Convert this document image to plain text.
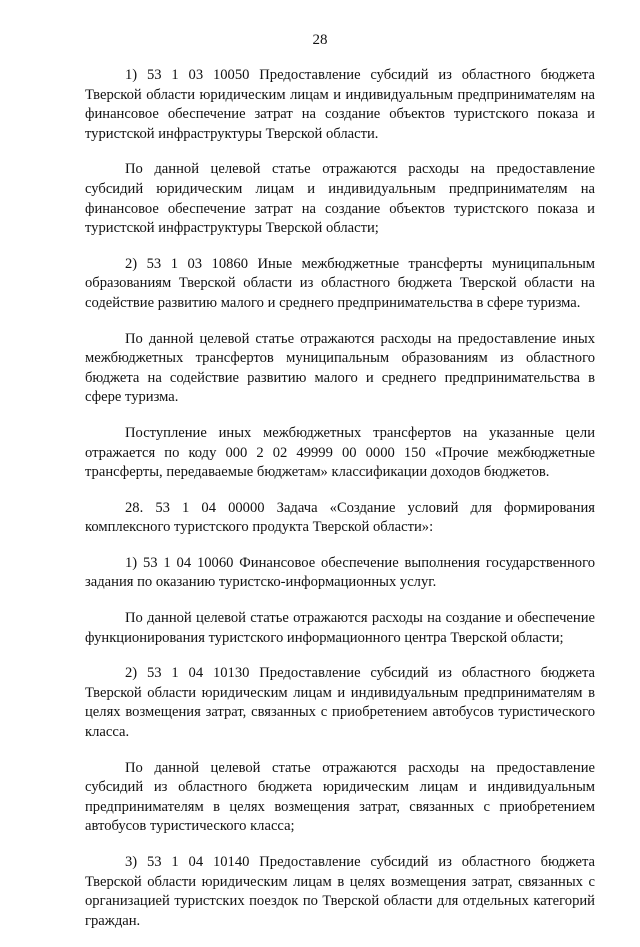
28

1) 53 1 03 10050 Предоставление субсидий из областного бюджета Тверской области юридическим лицам и индивидуальным предпринимателям на финансовое обеспечение затрат на создание объектов туристского показа и туристской инфраструктуры Тверской области.

По данной целевой статье отражаются расходы на предоставление субсидий юридическим лицам и индивидуальным предпринимателям на финансовое обеспечение затрат на создание объектов туристского показа и туристской инфраструктуры Тверской области;

2) 53 1 03 10860 Иные межбюджетные трансферты муниципальным образованиям Тверской области из областного бюджета Тверской области на содействие развитию малого и среднего предпринимательства в сфере туризма.

По данной целевой статье отражаются расходы на предоставление иных межбюджетных трансфертов муниципальным образованиям из областного бюджета на содействие развитию малого и среднего предпринимательства в сфере туризма.

Поступление иных межбюджетных трансфертов на указанные цели отражается по коду 000 2 02 49999 00 0000 150 «Прочие межбюджетные трансферты, передаваемые бюджетам» классификации доходов бюджетов.

28. 53 1 04 00000 Задача «Создание условий для формирования комплексного туристского продукта Тверской области»:

1) 53 1 04 10060 Финансовое обеспечение выполнения государственного задания по оказанию туристско-информационных услуг.

По данной целевой статье отражаются расходы на создание и обеспечение функционирования туристского информационного центра Тверской области;

2) 53 1 04 10130 Предоставление субсидий из областного бюджета Тверской области юридическим лицам и индивидуальным предпринимателям в целях возмещения затрат, связанных с приобретением автобусов туристического класса.

По данной целевой статье отражаются расходы на предоставление субсидий из областного бюджета юридическим лицам и индивидуальным предпринимателям в целях возмещения затрат, связанных с приобретением автобусов туристического класса;

3) 53 1 04 10140 Предоставление субсидий из областного бюджета Тверской области юридическим лицам в целях возмещения затрат, связанных с организацией туристских поездок по Тверской области для отдельных категорий граждан.
